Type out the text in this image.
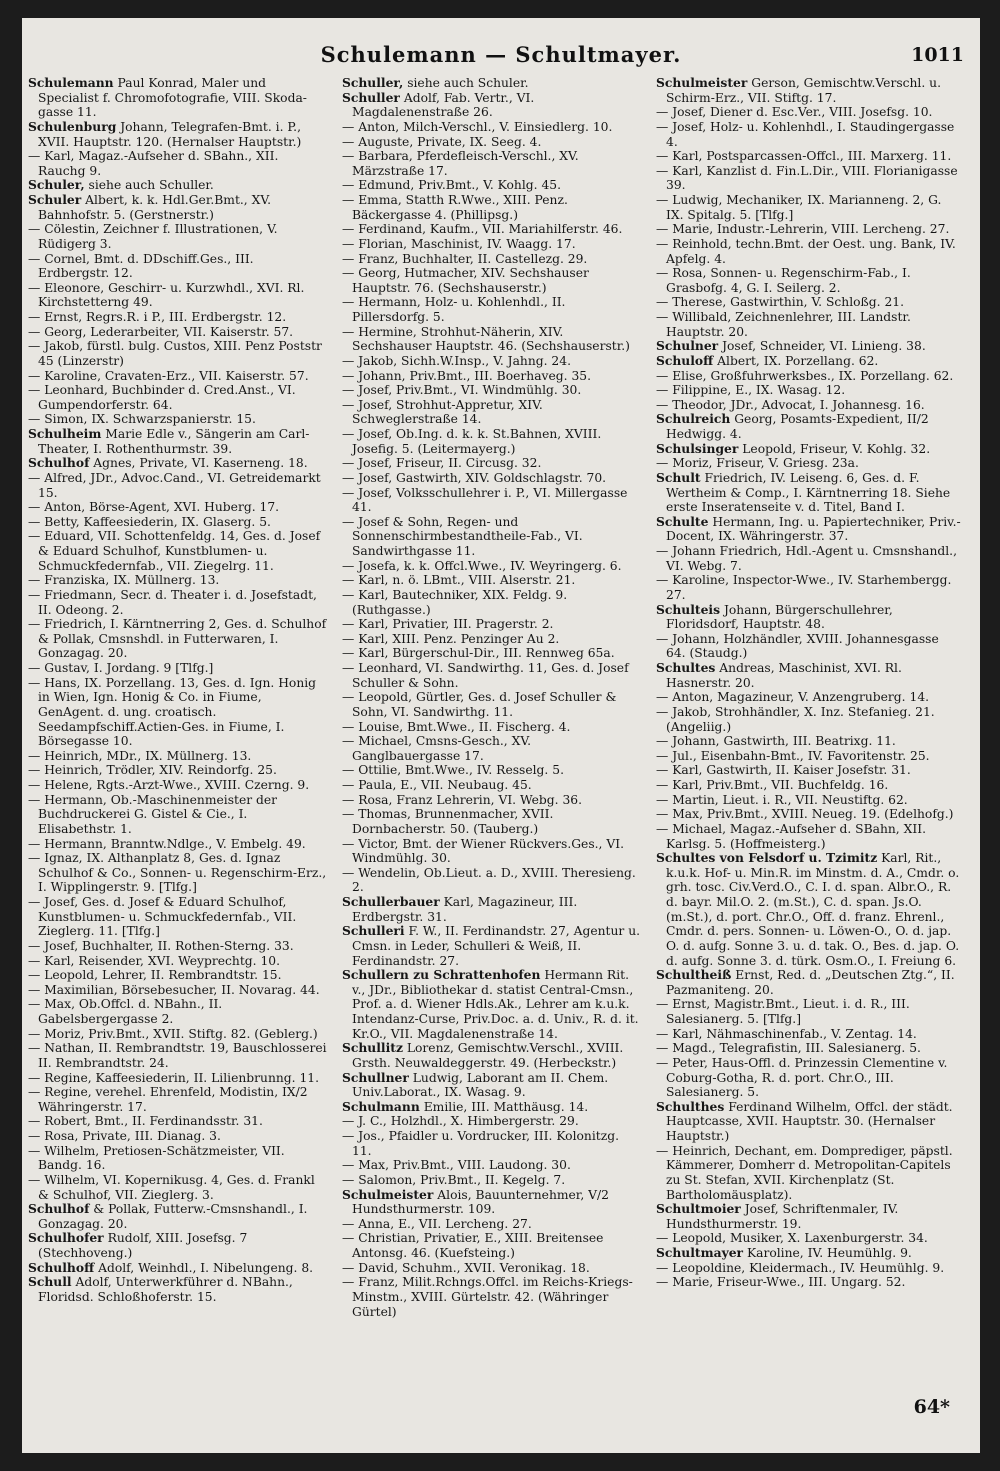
Schulemann — Schultmayer.	1011
Schulemann Paul Konrad, Maler und Specialist f. Chromofotografie, VIII. Skoda-gasse 11.
Schulenburg Johann, Telegrafen-Bmt. i. P., XVII. Hauptstr. 120. (Hernalser Hauptstr.)
— Karl, Magaz.-Aufseher d. SBahn., XII. Rauchg 9.
Schuler, siehe auch Schuller.
Schuler Albert, k. k. Hdl.Ger.Bmt., XV. Bahnhofstr. 5. (Gerstnerstr.)
— Cölestin, Zeichner f. Illustrationen, V. Rüdigerg 3.
— Cornel, Bmt. d. DDschiff.Ges., III. Erdbergstr. 12.
— Eleonore, Geschirr- u. Kurzwhdl., XVI. Rl. Kirchstetterng 49.
— Ernst, Regrs.R. i P., III. Erdbergstr. 12.
— Georg, Lederarbeiter, VII. Kaiserstr. 57.
— Jakob, fürstl. bulg. Custos, XIII. Penz Poststr 45 (Linzerstr)
— Karoline, Cravaten-Erz., VII. Kaiserstr. 57.
— Leonhard, Buchbinder d. Cred.Anst., VI. Gumpendorferstr. 64.
— Simon, IX. Schwarzspanierstr. 15.
Schulheim Marie Edle v., Sängerin am Carl-Theater, I. Rothenthurmstr. 39.
Schulhof Agnes, Private, VI. Kaserneng. 18.
— Alfred, JDr., Advoc.Cand., VI. Getreidemarkt 15.
— Anton, Börse-Agent, XVI. Huberg. 17.
— Betty, Kaffeesiederin, IX. Glaserg. 5.
— Eduard, VII. Schottenfeldg. 14, Ges. d. Josef & Eduard Schulhof, Kunstblumen- u. Schmuckfedernfab., VII. Ziegelrg. 11.
— Franziska, IX. Müllnerg. 13.
— Friedmann, Secr. d. Theater i. d. Josefstadt, II. Odeong. 2.
— Friedrich, I. Kärntnerring 2, Ges. d. Schulhof & Pollak, Cmsnshdl. in Futterwaren, I. Gonzagag. 20.
— Gustav, I. Jordang. 9 [Tlfg.]
— Hans, IX. Porzellang. 13, Ges. d. Ign. Honig in Wien, Ign. Honig & Co. in Fiume, GenAgent. d. ung. croatisch. Seedampfschiff.Actien-Ges. in Fiume, I. Börsegasse 10.
— Heinrich, MDr., IX. Müllnerg. 13.
— Heinrich, Trödler, XIV. Reindorfg. 25.
— Helene, Rgts.-Arzt-Wwe., XVIII. Czerng. 9.
— Hermann, Ob.-Maschinenmeister der Buchdruckerei G. Gistel & Cie., I. Elisabethstr. 1.
— Hermann, Branntw.Ndlge., V. Embelg. 49.
— Ignaz, IX. Althanplatz 8, Ges. d. Ignaz Schulhof & Co., Sonnen- u. Regenschirm-Erz., I. Wipplingerstr. 9. [Tlfg.]
— Josef, Ges. d. Josef & Eduard Schulhof, Kunstblumen- u. Schmuckfedernfab., VII. Zieglerg. 11. [Tlfg.]
— Josef, Buchhalter, II. Rothen-Sterng. 33.
— Karl, Reisender, XVI. Weyprechtg. 10.
— Leopold, Lehrer, II. Rembrandtstr. 15.
— Maximilian, Börsebesucher, II. Novarag. 44.
— Max, Ob.Offcl. d. NBahn., II. Gabelsbergergasse 2.
— Moriz, Priv.Bmt., XVII. Stiftg. 82. (Geblerg.)
— Nathan, II. Rembrandtstr. 19, Bauschlosserei II. Rembrandtstr. 24.
— Regine, Kaffeesiederin, II. Lilienbrunng. 11.
— Regine, verehel. Ehrenfeld, Modistin, IX/2 Währingerstr. 17.
— Robert, Bmt., II. Ferdinandsstr. 31.
— Rosa, Private, III. Dianag. 3.
— Wilhelm, Pretiosen-Schätzmeister, VII. Bandg. 16.
— Wilhelm, VI. Kopernikusg. 4, Ges. d. Frankl & Schulhof, VII. Zieglerg. 3.
Schulhof & Pollak, Futterw.-Cmsnshandl., I. Gonzagag. 20.
Schulhofer Rudolf, XIII. Josefsg. 7 (Stechhoveng.)
Schulhoff Adolf, Weinhdl., I. Nibelungeng. 8.
Schull Adolf, Unterwerkführer d. NBahn., Floridsd. Schloßhoferstr. 15.
Schuller, siehe auch Schuler.
Schuller Adolf, Fab. Vertr., VI. Magdalenenstraße 26.
— Anton, Milch-Verschl., V. Einsiedlerg. 10.
— Auguste, Private, IX. Seeg. 4.
— Barbara, Pferdefleisch-Verschl., XV. Märzstraße 17.
— Edmund, Priv.Bmt., V. Kohlg. 45.
— Emma, Statth R.Wwe., XIII. Penz. Bäckergasse 4. (Phillipsg.)
— Ferdinand, Kaufm., VII. Mariahilferstr. 46.
— Florian, Maschinist, IV. Waagg. 17.
— Franz, Buchhalter, II. Castellezg. 29.
— Georg, Hutmacher, XIV. Sechshauser Hauptstr. 76. (Sechshauserstr.)
— Hermann, Holz- u. Kohlenhdl., II. Pillersdorfg. 5.
— Hermine, Strohhut-Näherin, XIV. Sechshauser Hauptstr. 46. (Sechshauserstr.)
— Jakob, Sichh.W.Insp., V. Jahng. 24.
— Johann, Priv.Bmt., III. Boerhaveg. 35.
— Josef, Priv.Bmt., VI. Windmühlg. 30.
— Josef, Strohhut-Appretur, XIV. Schweglerstraße 14.
— Josef, Ob.Ing. d. k. k. St.Bahnen, XVIII. Josefig. 5. (Leitermayerg.)
— Josef, Friseur, II. Circusg. 32.
— Josef, Gastwirth, XIV. Goldschlagstr. 70.
— Josef, Volksschullehrer i. P., VI. Millergasse 41.
— Josef & Sohn, Regen- und Sonnenschirmbestandtheile-Fab., VI. Sandwirthgasse 11.
— Josefa, k. k. Offcl.Wwe., IV. Weyringerg. 6.
— Karl, n. ö. LBmt., VIII. Alserstr. 21.
— Karl, Bautechniker, XIX. Feldg. 9. (Ruthgasse.)
— Karl, Privatier, III. Pragerstr. 2.
— Karl, XIII. Penz. Penzinger Au 2.
— Karl, Bürgerschul-Dir., III. Rennweg 65a.
— Leonhard, VI. Sandwirthg. 11, Ges. d. Josef Schuller & Sohn.
— Leopold, Gürtler, Ges. d. Josef Schuller & Sohn, VI. Sandwirthg. 11.
— Louise, Bmt.Wwe., II. Fischerg. 4.
— Michael, Cmsns-Gesch., XV. Ganglbauergasse 17.
— Ottilie, Bmt.Wwe., IV. Resselg. 5.
— Paula, E., VII. Neubaug. 45.
— Rosa, Franz Lehrerin, VI. Webg. 36.
— Thomas, Brunnenmacher, XVII. Dornbacherstr. 50. (Tauberg.)
— Victor, Bmt. der Wiener Rückvers.Ges., VI. Windmühlg. 30.
— Wendelin, Ob.Lieut. a. D., XVIII. Theresieng. 2.
Schullerbauer Karl, Magazineur, III. Erdbergstr. 31.
Schulleri F. W., II. Ferdinandstr. 27, Agentur u. Cmsn. in Leder, Schulleri & Weiß, II. Ferdinandstr. 27.
Schullern zu Schrattenhofen Hermann Rit. v., JDr., Bibliothekar d. statist Central-Cmsn., Prof. a. d. Wiener Hdls.Ak., Lehrer am k.u.k. Intendanz-Curse, Priv.Doc. a. d. Univ., R. d. it. Kr.O., VII. Magdalenenstraße 14.
Schullitz Lorenz, Gemischtw.Verschl., XVIII. Grsth. Neuwaldeggerstr. 49. (Herbeckstr.)
Schullner Ludwig, Laborant am II. Chem. Univ.Laborat., IX. Wasag. 9.
Schulmann Emilie, III. Matthäusg. 14.
— J. C., Holzhdl., X. Himbergerstr. 29.
— Jos., Pfaidler u. Vordrucker, III. Kolonitzg. 11.
— Max, Priv.Bmt., VIII. Laudong. 30.
— Salomon, Priv.Bmt., II. Kegelg. 7.
Schulmeister Alois, Bauunternehmer, V/2 Hundsthurmerstr. 109.
— Anna, E., VII. Lercheng. 27.
— Christian, Privatier, E., XIII. Breitensee Antonsg. 46. (Kuefsteing.)
— David, Schuhm., XVII. Veronikag. 18.
— Franz, Milit.Rchngs.Offcl. im Reichs-Kriegs-Minstm., XVIII. Gürtelstr. 42. (Währinger Gürtel)
Schulmeister Gerson, Gemischtw.Verschl. u. Schirm-Erz., VII. Stiftg. 17.
— Josef, Diener d. Esc.Ver., VIII. Josefsg. 10.
— Josef, Holz- u. Kohlenhdl., I. Staudingergasse 4.
— Karl, Postsparcassen-Offcl., III. Marxerg. 11.
— Karl, Kanzlist d. Fin.L.Dir., VIII. Florianigasse 39.
— Ludwig, Mechaniker, IX. Marianneng. 2, G. IX. Spitalg. 5. [Tlfg.]
— Marie, Industr.-Lehrerin, VIII. Lercheng. 27.
— Reinhold, techn.Bmt. der Oest. ung. Bank, IV. Apfelg. 4.
— Rosa, Sonnen- u. Regenschirm-Fab., I. Grasbofg. 4, G. I. Seilerg. 2.
— Therese, Gastwirthin, V. Schloßg. 21.
— Willibald, Zeichnenlehrer, III. Landstr. Hauptstr. 20.
Schulner Josef, Schneider, VI. Linieng. 38.
Schuloff Albert, IX. Porzellang. 62.
— Elise, Großfuhrwerksbes., IX. Porzellang. 62.
— Filippine, E., IX. Wasag. 12.
— Theodor, JDr., Advocat, I. Johannesg. 16.
Schulreich Georg, Posamts-Expedient, II/2 Hedwigg. 4.
Schulsinger Leopold, Friseur, V. Kohlg. 32.
— Moriz, Friseur, V. Griesg. 23a.
Schult Friedrich, IV. Leiseng. 6, Ges. d. F. Wertheim & Comp., I. Kärntnerring 18. Siehe erste Inseratenseite v. d. Titel, Band I.
Schulte Hermann, Ing. u. Papiertechniker, Priv.-Docent, IX. Währingerstr. 37.
— Johann Friedrich, Hdl.-Agent u. Cmsnshandl., VI. Webg. 7.
— Karoline, Inspector-Wwe., IV. Starhembergg. 27.
Schulteis Johann, Bürgerschullehrer, Floridsdorf, Hauptstr. 48.
— Johann, Holzhändler, XVIII. Johannesgasse 64. (Staudg.)
Schultes Andreas, Maschinist, XVI. Rl. Hasnerstr. 20.
— Anton, Magazineur, V. Anzengruberg. 14.
— Jakob, Strohhändler, X. Inz. Stefanieg. 21. (Angeliig.)
— Johann, Gastwirth, III. Beatrixg. 11.
— Jul., Eisenbahn-Bmt., IV. Favoritenstr. 25.
— Karl, Gastwirth, II. Kaiser Josefstr. 31.
— Karl, Priv.Bmt., VII. Buchfeldg. 16.
— Martin, Lieut. i. R., VII. Neustiftg. 62.
— Max, Priv.Bmt., XVIII. Neueg. 19. (Edelhofg.)
— Michael, Magaz.-Aufseher d. SBahn, XII. Karlsg. 5. (Hoffmeisterg.)
Schultes von Felsdorf u. Tzimitz Karl, Rit., k.u.k. Hof- u. Min.R. im Minstm. d. A., Cmdr. o. grh. tosc. Civ.Verd.O., C. I. d. span. Albr.O., R. d. bayr. Mil.O. 2. (m.St.), C. d. span. Js.O. (m.St.), d. port. Chr.O., Off. d. franz. Ehrenl., Cmdr. d. pers. Sonnen- u. Löwen-O., O. d. jap. O. d. aufg. Sonne 3. u. d. tak. O., Bes. d. jap. O. d. aufg. Sonne 3. d. türk. Osm.O., I. Freiung 6.
Schultheiß Ernst, Red. d. „Deutschen Ztg.“, II. Pazmaniteng. 20.
— Ernst, Magistr.Bmt., Lieut. i. d. R., III. Salesianerg. 5. [Tlfg.]
— Karl, Nähmaschinenfab., V. Zentag. 14.
— Magd., Telegrafistin, III. Salesianerg. 5.
— Peter, Haus-Offl. d. Prinzessin Clementine v. Coburg-Gotha, R. d. port. Chr.O., III. Salesianerg. 5.
Schulthes Ferdinand Wilhelm, Offcl. der städt. Hauptcasse, XVII. Hauptstr. 30. (Hernalser Hauptstr.)
— Heinrich, Dechant, em. Domprediger, päpstl. Kämmerer, Domherr d. Metropolitan-Capitels zu St. Stefan, XVII. Kirchenplatz (St. Bartholomäusplatz).
Schultmoier Josef, Schriftenmaler, IV. Hundsthurmerstr. 19.
— Leopold, Musiker, X. Laxenburgerstr. 34.
Schultmayer Karoline, IV. Heumühlg. 9.
— Leopoldine, Kleidermach., IV. Heumühlg. 9.
— Marie, Friseur-Wwe., III. Ungarg. 52.
64*
